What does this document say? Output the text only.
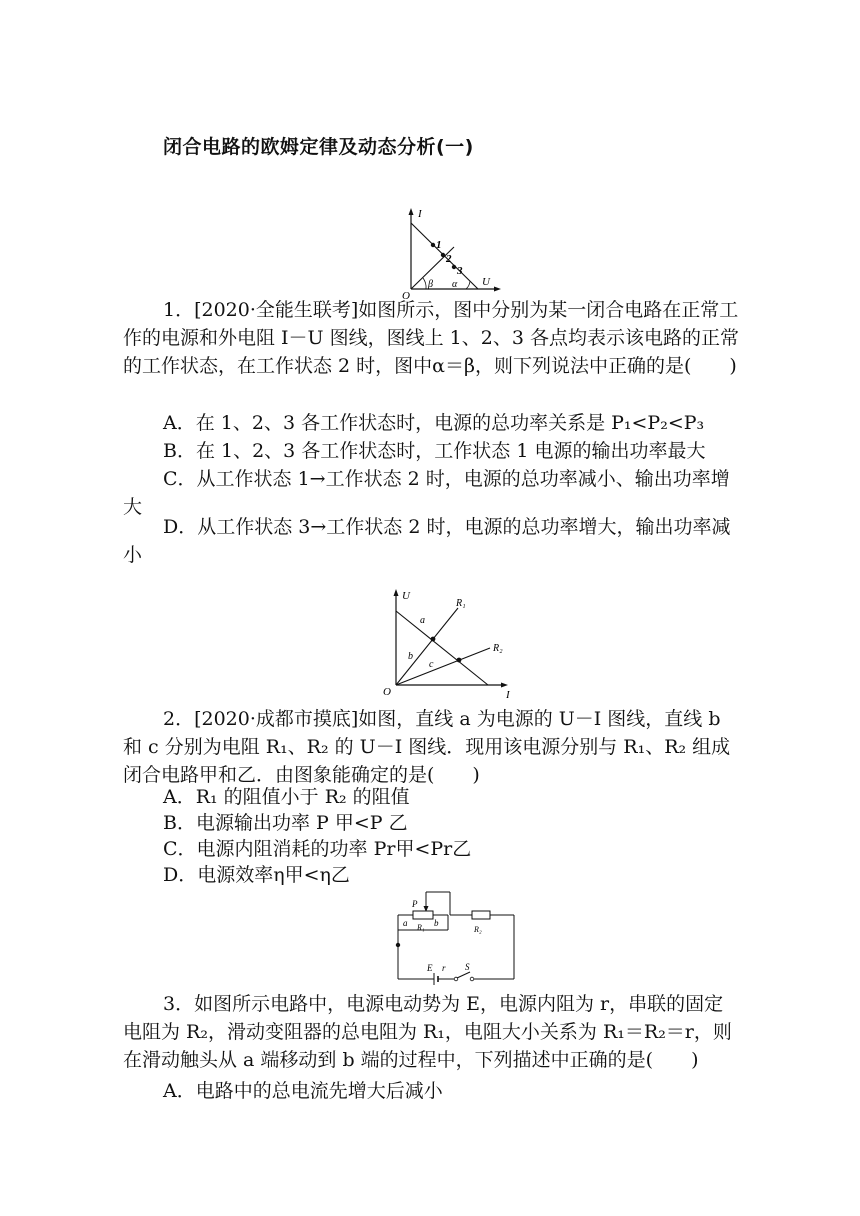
闭合电路的欧姆定律及动态分析(一)
I
U
O
1
2
3
β α
1．[2020·全能生联考]如图所示，图中分别为某一闭合电路在正常工作的电源和外电阻 I－U 图线，图线上 1、2、3 各点均表示该电路的正常的工作状态，在工作状态 2 时，图中α＝β，则下列说法中正确的是(　　)
A．在 1、2、3 各工作状态时，电源的总功率关系是 P₁<P₂<P₃
B．在 1、2、3 各工作状态时，工作状态 1 电源的输出功率最大
C．从工作状态 1→工作状态 2 时，电源的总功率减小、输出功率增大
D．从工作状态 3→工作状态 2 时，电源的总功率增大，输出功率减小
U
I
O
R₁
R₂
a
b
c
2．[2020·成都市摸底]如图，直线 a 为电源的 U－I 图线，直线 b 和 c 分别为电阻 R₁、R₂ 的 U－I 图线．现用该电源分别与 R₁、R₂ 组成闭合电路甲和乙．由图象能确定的是(　　)
A．R₁ 的阻值小于 R₂ 的阻值
B．电源输出功率 P 甲<P 乙
C．电源内阻消耗的功率 Pr甲<Pr乙
D．电源效率η甲<η乙
P
a	b
R₁	R₂
E r S
3．如图所示电路中，电源电动势为 E，电源内阻为 r，串联的固定电阻为 R₂，滑动变阻器的总电阻为 R₁，电阻大小关系为 R₁＝R₂＝r，则在滑动触头从 a 端移动到 b 端的过程中，下列描述中正确的是(　　)
A．电路中的总电流先增大后减小
